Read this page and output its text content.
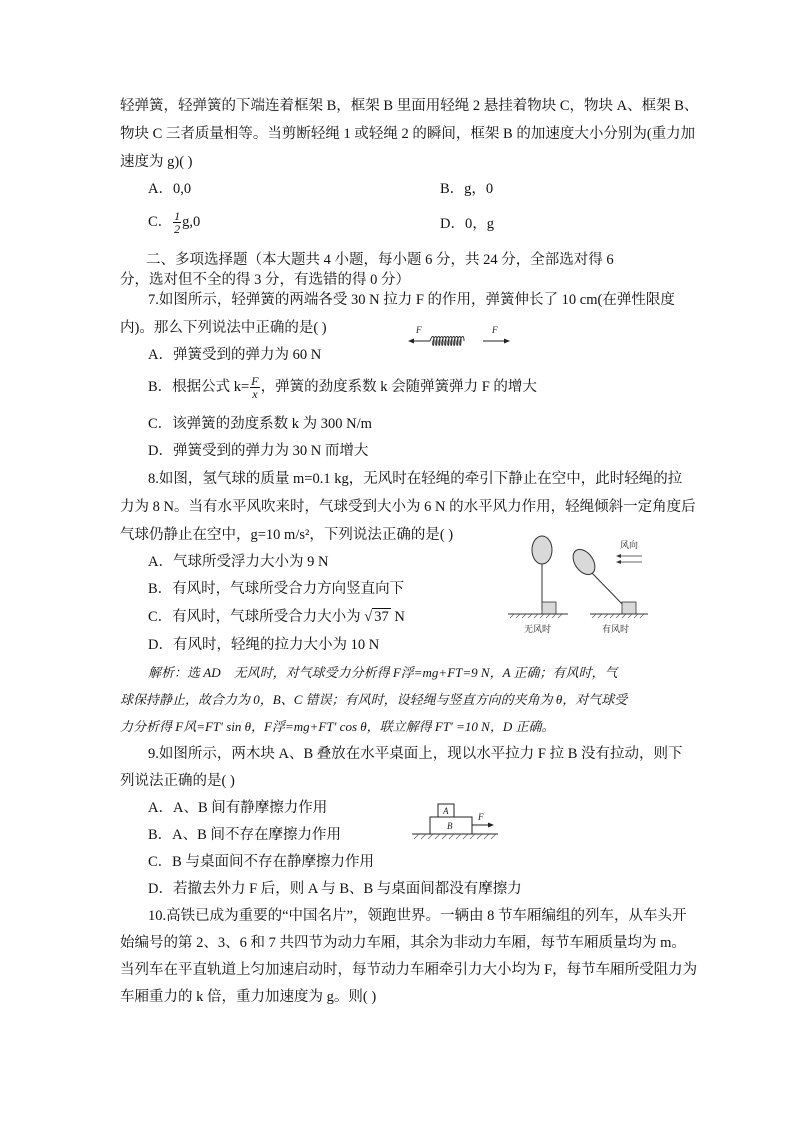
轻弹簧，轻弹簧的下端连着框架 B，框架 B 里面用轻绳 2 悬挂着物块 C，物块 A、框架 B、
物块 C 三者质量相等。当剪断轻绳 1 或轻绳 2 的瞬间，框架 B 的加速度大小分别为(重力加
速度为 g)( )
A．0,0	B．g，0
C． $\frac{1}{2} g,0$	D．0，g
二、多项选择题（本大题共 4 小题，每小题 6 分，共 24 分，全部选对得 6
分，选对但不全的得 3 分，有选错的得 0 分）
7.如图所示，轻弹簧的两端各受 30 N 拉力 F 的作用，弹簧伸长了 10 cm(在弹性限度
内)。那么下列说法中正确的是( )
A．弹簧受到的弹力为 60 N
B．根据公式 $k= \frac{F}{x}$ ，弹簧的劲度系数 k 会随弹簧弹力 F 的增大
C．该弹簧的劲度系数 k 为 300 N/m
D．弹簧受到的弹力为 30 N 而增大
F	F
8.如图，氢气球的质量 m=0.1 kg，无风时在轻绳的牵引下静止在空中，此时轻绳的拉
力为 8 N。当有水平风吹来时，气球受到大小为 6 N 的水平风力作用，轻绳倾斜一定角度后
气球仍静止在空中，g=10 m/s²，下列说法正确的是( )
A．气球所受浮力大小为 9 N
B．有风时，气球所受合力方向竖直向下
C．有风时，气球所受合力大小为 √ 37 N
D．有风时，轻绳的拉力大小为 10 N
无风时	有风时
风向
解析：选 AD　无风时，对气球受力分析得 F浮=mg+FT=9 N，A 正确；有风时，气
球保持静止，故合力为 0，B、C 错误；有风时，设轻绳与竖直方向的夹角为 θ，对气球受
力分析得 F风=FT′ sin θ，F浮=mg+FT′ cos θ，联立解得 FT′ =10 N，D 正确。
9.如图所示，两木块 A、B 叠放在水平桌面上，现以水平拉力 F 拉 B 没有拉动，则下
列说法正确的是( )
A．A、B 间有静摩擦力作用
B．A、B 间不存在摩擦力作用
C．B 与桌面间不存在静摩擦力作用
D．若撤去外力 F 后，则 A 与 B、B 与桌面间都没有摩擦力
A
B
F
10.高铁已成为重要的“中国名片”，领跑世界。一辆由 8 节车厢编组的列车，从车头开
始编号的第 2、3、6 和 7 共四节为动力车厢，其余为非动力车厢，每节车厢质量均为 m。
当列车在平直轨道上匀加速启动时，每节动力车厢牵引力大小均为 F，每节车厢所受阻力为
车厢重力的 k 倍，重力加速度为 g。则( )
